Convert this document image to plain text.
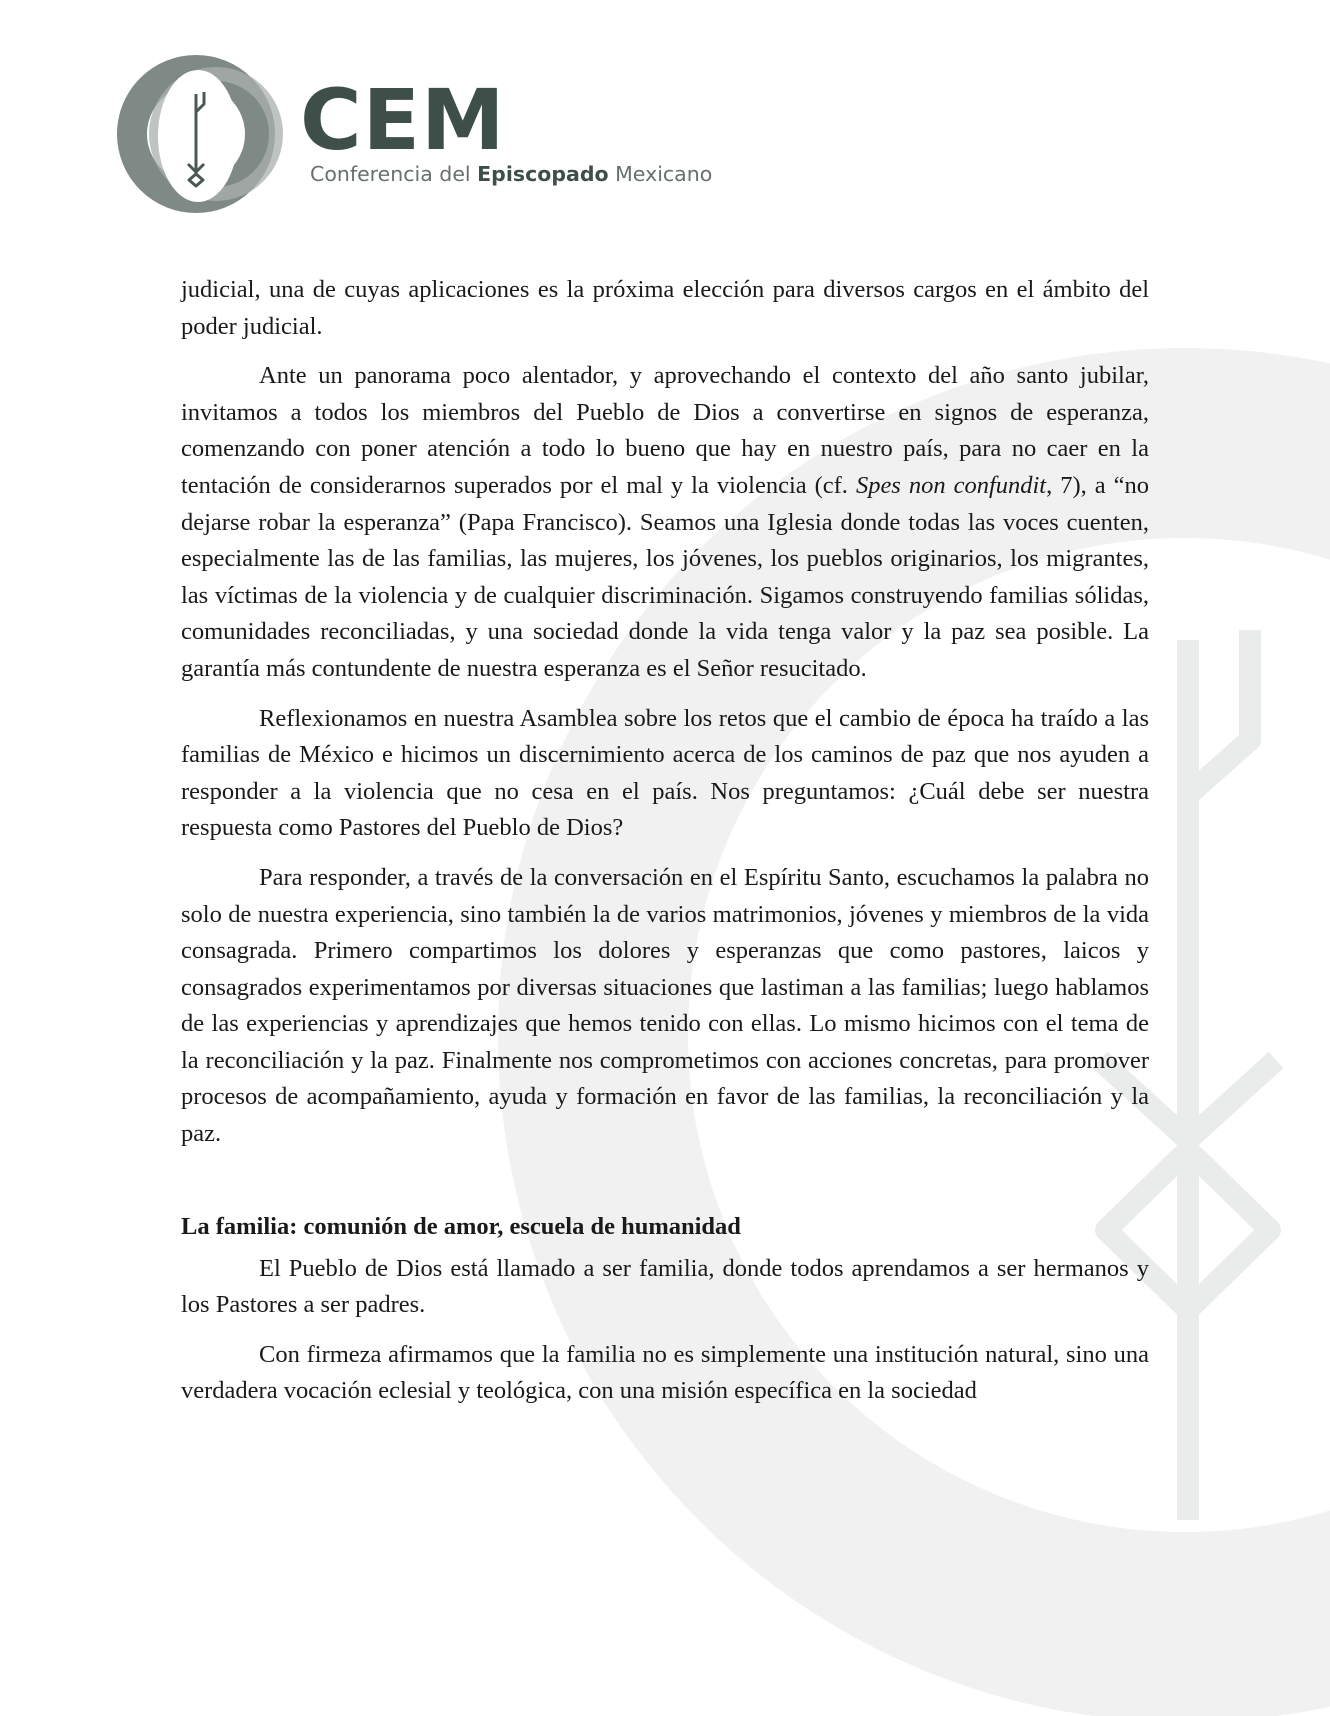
CEM
Conferencia del Episcopado Mexicano

judicial, una de cuyas aplicaciones es la próxima elección para diversos cargos en el ámbito del poder judicial.

Ante un panorama poco alentador, y aprovechando el contexto del año santo jubilar, invitamos a todos los miembros del Pueblo de Dios a convertirse en signos de esperanza, comenzando con poner atención a todo lo bueno que hay en nuestro país, para no caer en la tentación de considerarnos superados por el mal y la violencia (cf. Spes non confundit, 7), a “no dejarse robar la esperanza” (Papa Francisco). Seamos una Iglesia donde todas las voces cuenten, especialmente las de las familias, las mujeres, los jóvenes, los pueblos originarios, los migrantes, las víctimas de la violencia y de cualquier discriminación. Sigamos construyendo familias sólidas, comunidades reconciliadas, y una sociedad donde la vida tenga valor y la paz sea posible. La garantía más contundente de nuestra esperanza es el Señor resucitado.

Reflexionamos en nuestra Asamblea sobre los retos que el cambio de época ha traído a las familias de México e hicimos un discernimiento acerca de los caminos de paz que nos ayuden a responder a la violencia que no cesa en el país. Nos preguntamos: ¿Cuál debe ser nuestra respuesta como Pastores del Pueblo de Dios?

Para responder, a través de la conversación en el Espíritu Santo, escuchamos la palabra no solo de nuestra experiencia, sino también la de varios matrimonios, jóvenes y miembros de la vida consagrada. Primero compartimos los dolores y esperanzas que como pastores, laicos y consagrados experimentamos por diversas situaciones que lastiman a las familias; luego hablamos de las experiencias y aprendizajes que hemos tenido con ellas. Lo mismo hicimos con el tema de la reconciliación y la paz. Finalmente nos comprometimos con acciones concretas, para promover procesos de acompañamiento, ayuda y formación en favor de las familias, la reconciliación y la paz.

La familia: comunión de amor, escuela de humanidad

El Pueblo de Dios está llamado a ser familia, donde todos aprendamos a ser hermanos y los Pastores a ser padres.

Con firmeza afirmamos que la familia no es simplemente una institución natural, sino una verdadera vocación eclesial y teológica, con una misión específica en la sociedad
